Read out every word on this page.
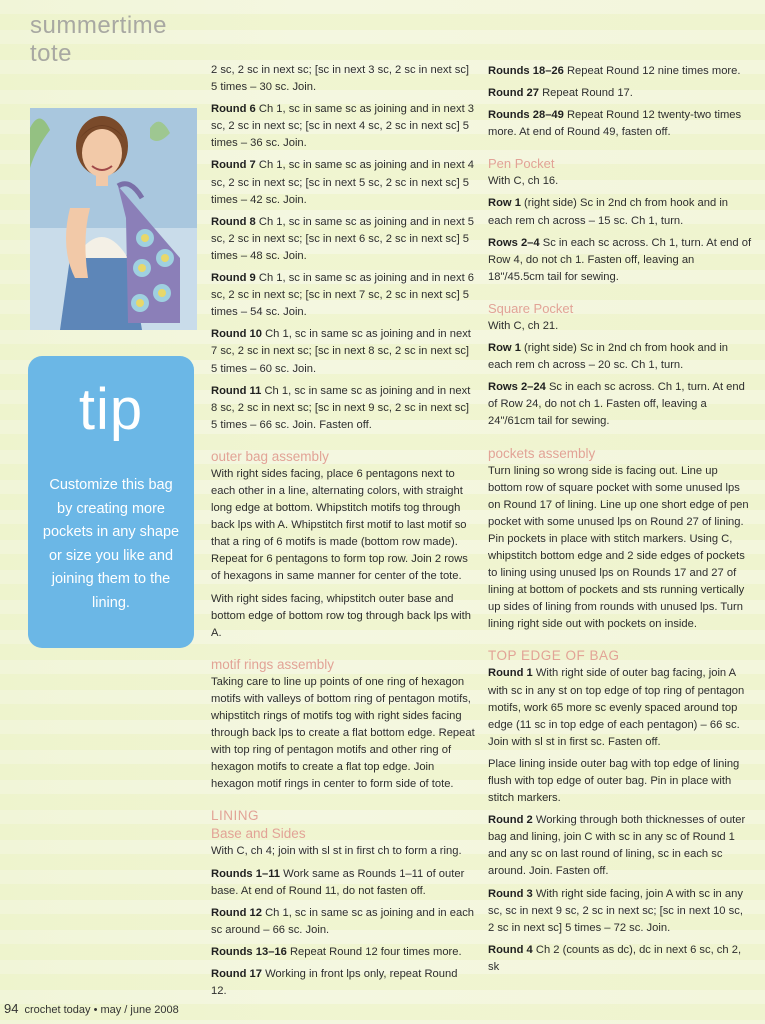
summertime
tote
tip
Customize this bag by creating more pockets in any shape or size you like and joining them to the lining.

2 sc, 2 sc in next sc; [sc in next 3 sc, 2 sc in next sc] 5 times – 30 sc. Join.

Round 6 Ch 1, sc in same sc as joining and in next 3 sc, 2 sc in next sc; [sc in next 4 sc, 2 sc in next sc] 5 times – 36 sc. Join.

Round 7 Ch 1, sc in same sc as joining and in next 4 sc, 2 sc in next sc; [sc in next 5 sc, 2 sc in next sc] 5 times – 42 sc. Join.

Round 8 Ch 1, sc in same sc as joining and in next 5 sc, 2 sc in next sc; [sc in next 6 sc, 2 sc in next sc] 5 times – 48 sc. Join.

Round 9 Ch 1, sc in same sc as joining and in next 6 sc, 2 sc in next sc; [sc in next 7 sc, 2 sc in next sc] 5 times – 54 sc. Join.

Round 10 Ch 1, sc in same sc as joining and in next 7 sc, 2 sc in next sc; [sc in next 8 sc, 2 sc in next sc] 5 times – 60 sc. Join.

Round 11 Ch 1, sc in same sc as joining and in next 8 sc, 2 sc in next sc; [sc in next 9 sc, 2 sc in next sc] 5 times – 66 sc. Join. Fasten off.

outer bag assembly

With right sides facing, place 6 pentagons next to each other in a line, alternating colors, with straight long edge at bottom. Whipstitch motifs tog through back lps with A. Whipstitch first motif to last motif so that a ring of 6 motifs is made (bottom row made). Repeat for 6 pentagons to form top row. Join 2 rows of hexagons in same manner for center of the tote.

With right sides facing, whipstitch outer base and bottom edge of bottom row tog through back lps with A.

motif rings assembly

Taking care to line up points of one ring of hexagon motifs with valleys of bottom ring of pentagon motifs, whipstitch rings of motifs tog with right sides facing through back lps to create a flat bottom edge. Repeat with top ring of pentagon motifs and other ring of hexagon motifs to create a flat top edge. Join hexagon motif rings in center to form side of tote.

LINING
Base and Sides

With C, ch 4; join with sl st in first ch to form a ring.

Rounds 1–11 Work same as Rounds 1–11 of outer base. At end of Round 11, do not fasten off.

Round 12 Ch 1, sc in same sc as joining and in each sc around – 66 sc. Join.

Rounds 13–16 Repeat Round 12 four times more.

Round 17 Working in front lps only, repeat Round 12.

Rounds 18–26 Repeat Round 12 nine times more.

Round 27 Repeat Round 17.

Rounds 28–49 Repeat Round 12 twenty-two times more. At end of Round 49, fasten off.

Pen Pocket

With C, ch 16.

Row 1 (right side) Sc in 2nd ch from hook and in each rem ch across – 15 sc. Ch 1, turn.

Rows 2–4 Sc in each sc across. Ch 1, turn. At end of Row 4, do not ch 1. Fasten off, leaving an 18"/45.5cm tail for sewing.

Square Pocket

With C, ch 21.

Row 1 (right side) Sc in 2nd ch from hook and in each rem ch across – 20 sc. Ch 1, turn.

Rows 2–24 Sc in each sc across. Ch 1, turn. At end of Row 24, do not ch 1. Fasten off, leaving a 24"/61cm tail for sewing.

pockets assembly

Turn lining so wrong side is facing out. Line up bottom row of square pocket with some unused lps on Round 17 of lining. Line up one short edge of pen pocket with some unused lps on Round 27 of lining. Pin pockets in place with stitch markers. Using C, whipstitch bottom edge and 2 side edges of pockets to lining using unused lps on Rounds 17 and 27 of lining at bottom of pockets and sts running vertically up sides of lining from rounds with unused lps. Turn lining right side out with pockets on inside.

TOP EDGE OF BAG

Round 1 With right side of outer bag facing, join A with sc in any st on top edge of top ring of pentagon motifs, work 65 more sc evenly spaced around top edge (11 sc in top edge of each pentagon) – 66 sc. Join with sl st in first sc. Fasten off.

Place lining inside outer bag with top edge of lining flush with top edge of outer bag. Pin in place with stitch markers.

Round 2 Working through both thicknesses of outer bag and lining, join C with sc in any sc of Round 1 and any sc on last round of lining, sc in each sc around. Join. Fasten off.

Round 3 With right side facing, join A with sc in any sc, sc in next 9 sc, 2 sc in next sc; [sc in next 10 sc, 2 sc in next sc] 5 times – 72 sc. Join.

Round 4 Ch 2 (counts as dc), dc in next 6 sc, ch 2, sk

94 crochet today • may / june 2008
